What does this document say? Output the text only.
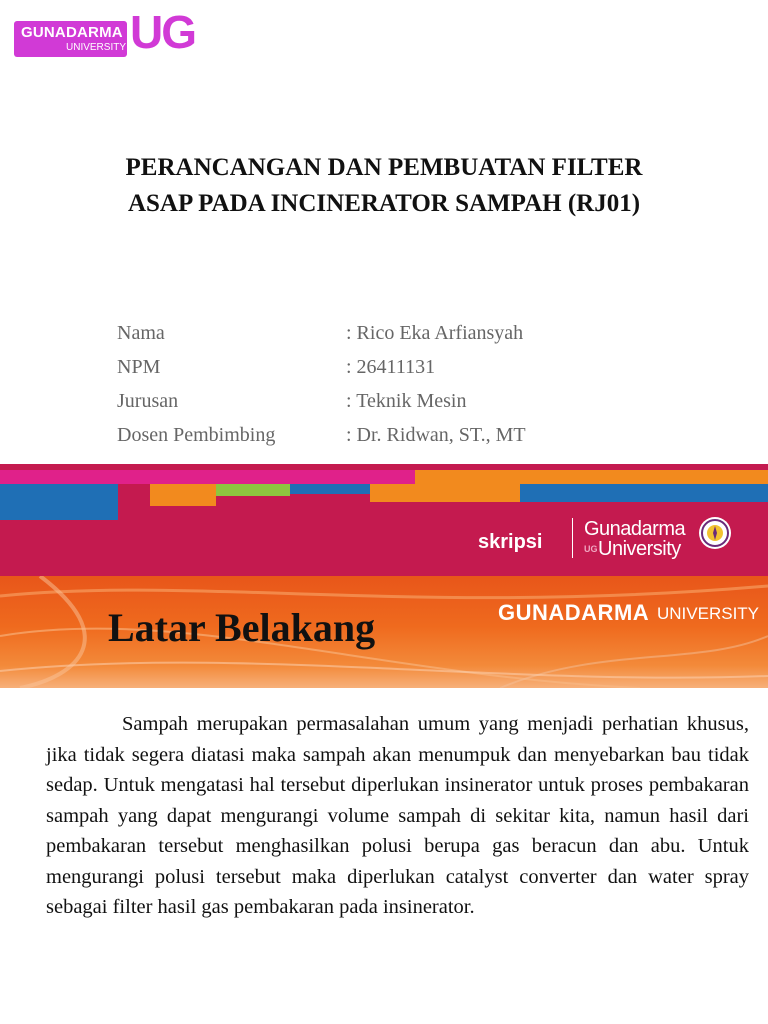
GUNADARMA
UNIVERSITY UG
PERANCANGAN DAN PEMBUATAN FILTER
ASAP PADA INCINERATOR SAMPAH (RJ01)
Nama	: Rico Eka Arfiansyah
NPM	: 26411131
Jurusan	: Teknik Mesin
Dosen Pembimbing	: Dr. Ridwan, ST., MT
skripsi
Gunadarma
UG University
Latar Belakang	GUNADARMA UNIVERSITY

Sampah merupakan permasalahan umum yang menjadi perhatian khusus, jika tidak segera diatasi maka sampah akan menumpuk dan menyebarkan bau tidak sedap. Untuk mengatasi hal tersebut diperlukan insinerator untuk proses pembakaran sampah yang dapat mengurangi volume sampah di sekitar kita, namun hasil dari pembakaran tersebut menghasilkan polusi berupa gas beracun dan abu. Untuk mengurangi polusi tersebut maka diperlukan catalyst converter dan water spray sebagai filter hasil gas pembakaran pada insinerator.
